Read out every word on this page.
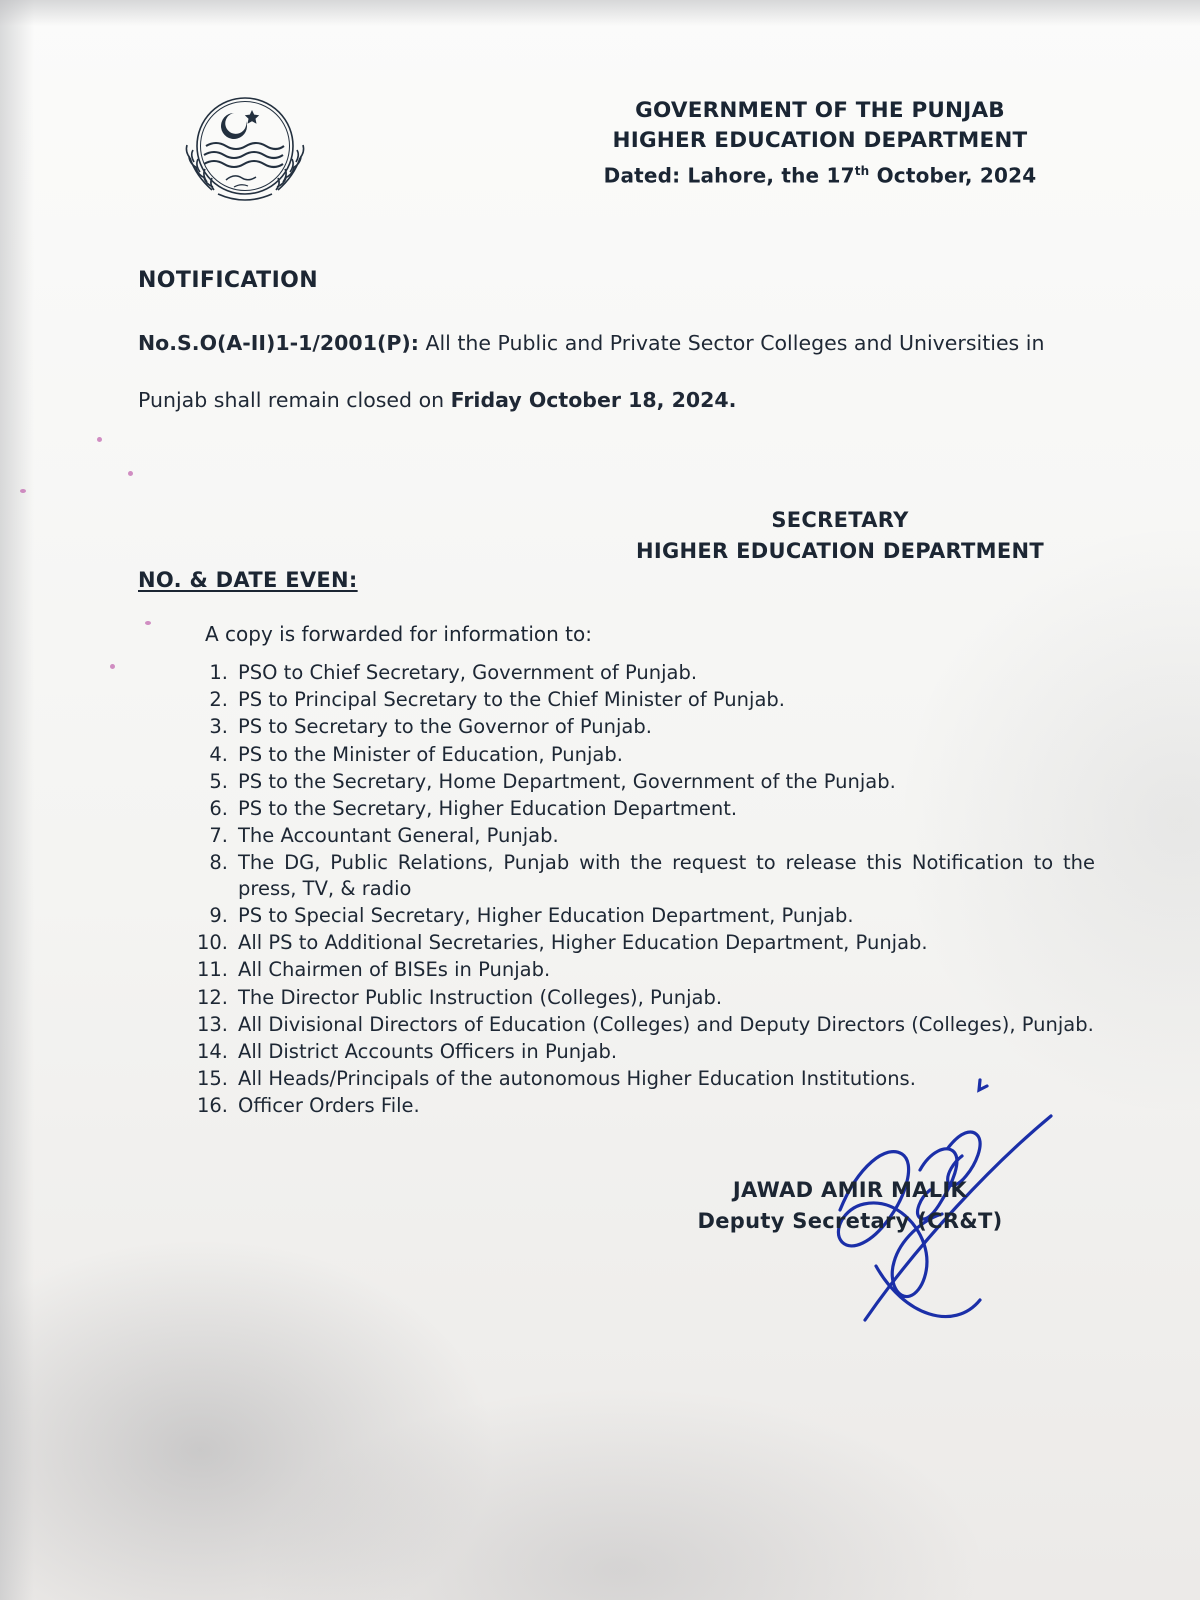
GOVERNMENT OF THE PUNJAB
HIGHER EDUCATION DEPARTMENT
Dated: Lahore, the 17th October, 2024
NOTIFICATION
No.S.O(A-II)1-1/2001(P): All the Public and Private Sector Colleges and Universities in Punjab shall remain closed on Friday October 18, 2024.
SECRETARY
HIGHER EDUCATION DEPARTMENT
NO. & DATE EVEN:
A copy is forwarded for information to:
1. PSO to Chief Secretary, Government of Punjab.
2. PS to Principal Secretary to the Chief Minister of Punjab.
3. PS to Secretary to the Governor of Punjab.
4. PS to the Minister of Education, Punjab.
5. PS to the Secretary, Home Department, Government of the Punjab.
6. PS to the Secretary, Higher Education Department.
7. The Accountant General, Punjab.
8. The DG, Public Relations, Punjab with the request to release this Notification to the press, TV, & radio
9. PS to Special Secretary, Higher Education Department, Punjab.
10. All PS to Additional Secretaries, Higher Education Department, Punjab.
11. All Chairmen of BISEs in Punjab.
12. The Director Public Instruction (Colleges), Punjab.
13. All Divisional Directors of Education (Colleges) and Deputy Directors (Colleges), Punjab.
14. All District Accounts Officers in Punjab.
15. All Heads/Principals of the autonomous Higher Education Institutions.
16. Officer Orders File.
JAWAD AMIR MALIK
Deputy Secretary (CR&T)
